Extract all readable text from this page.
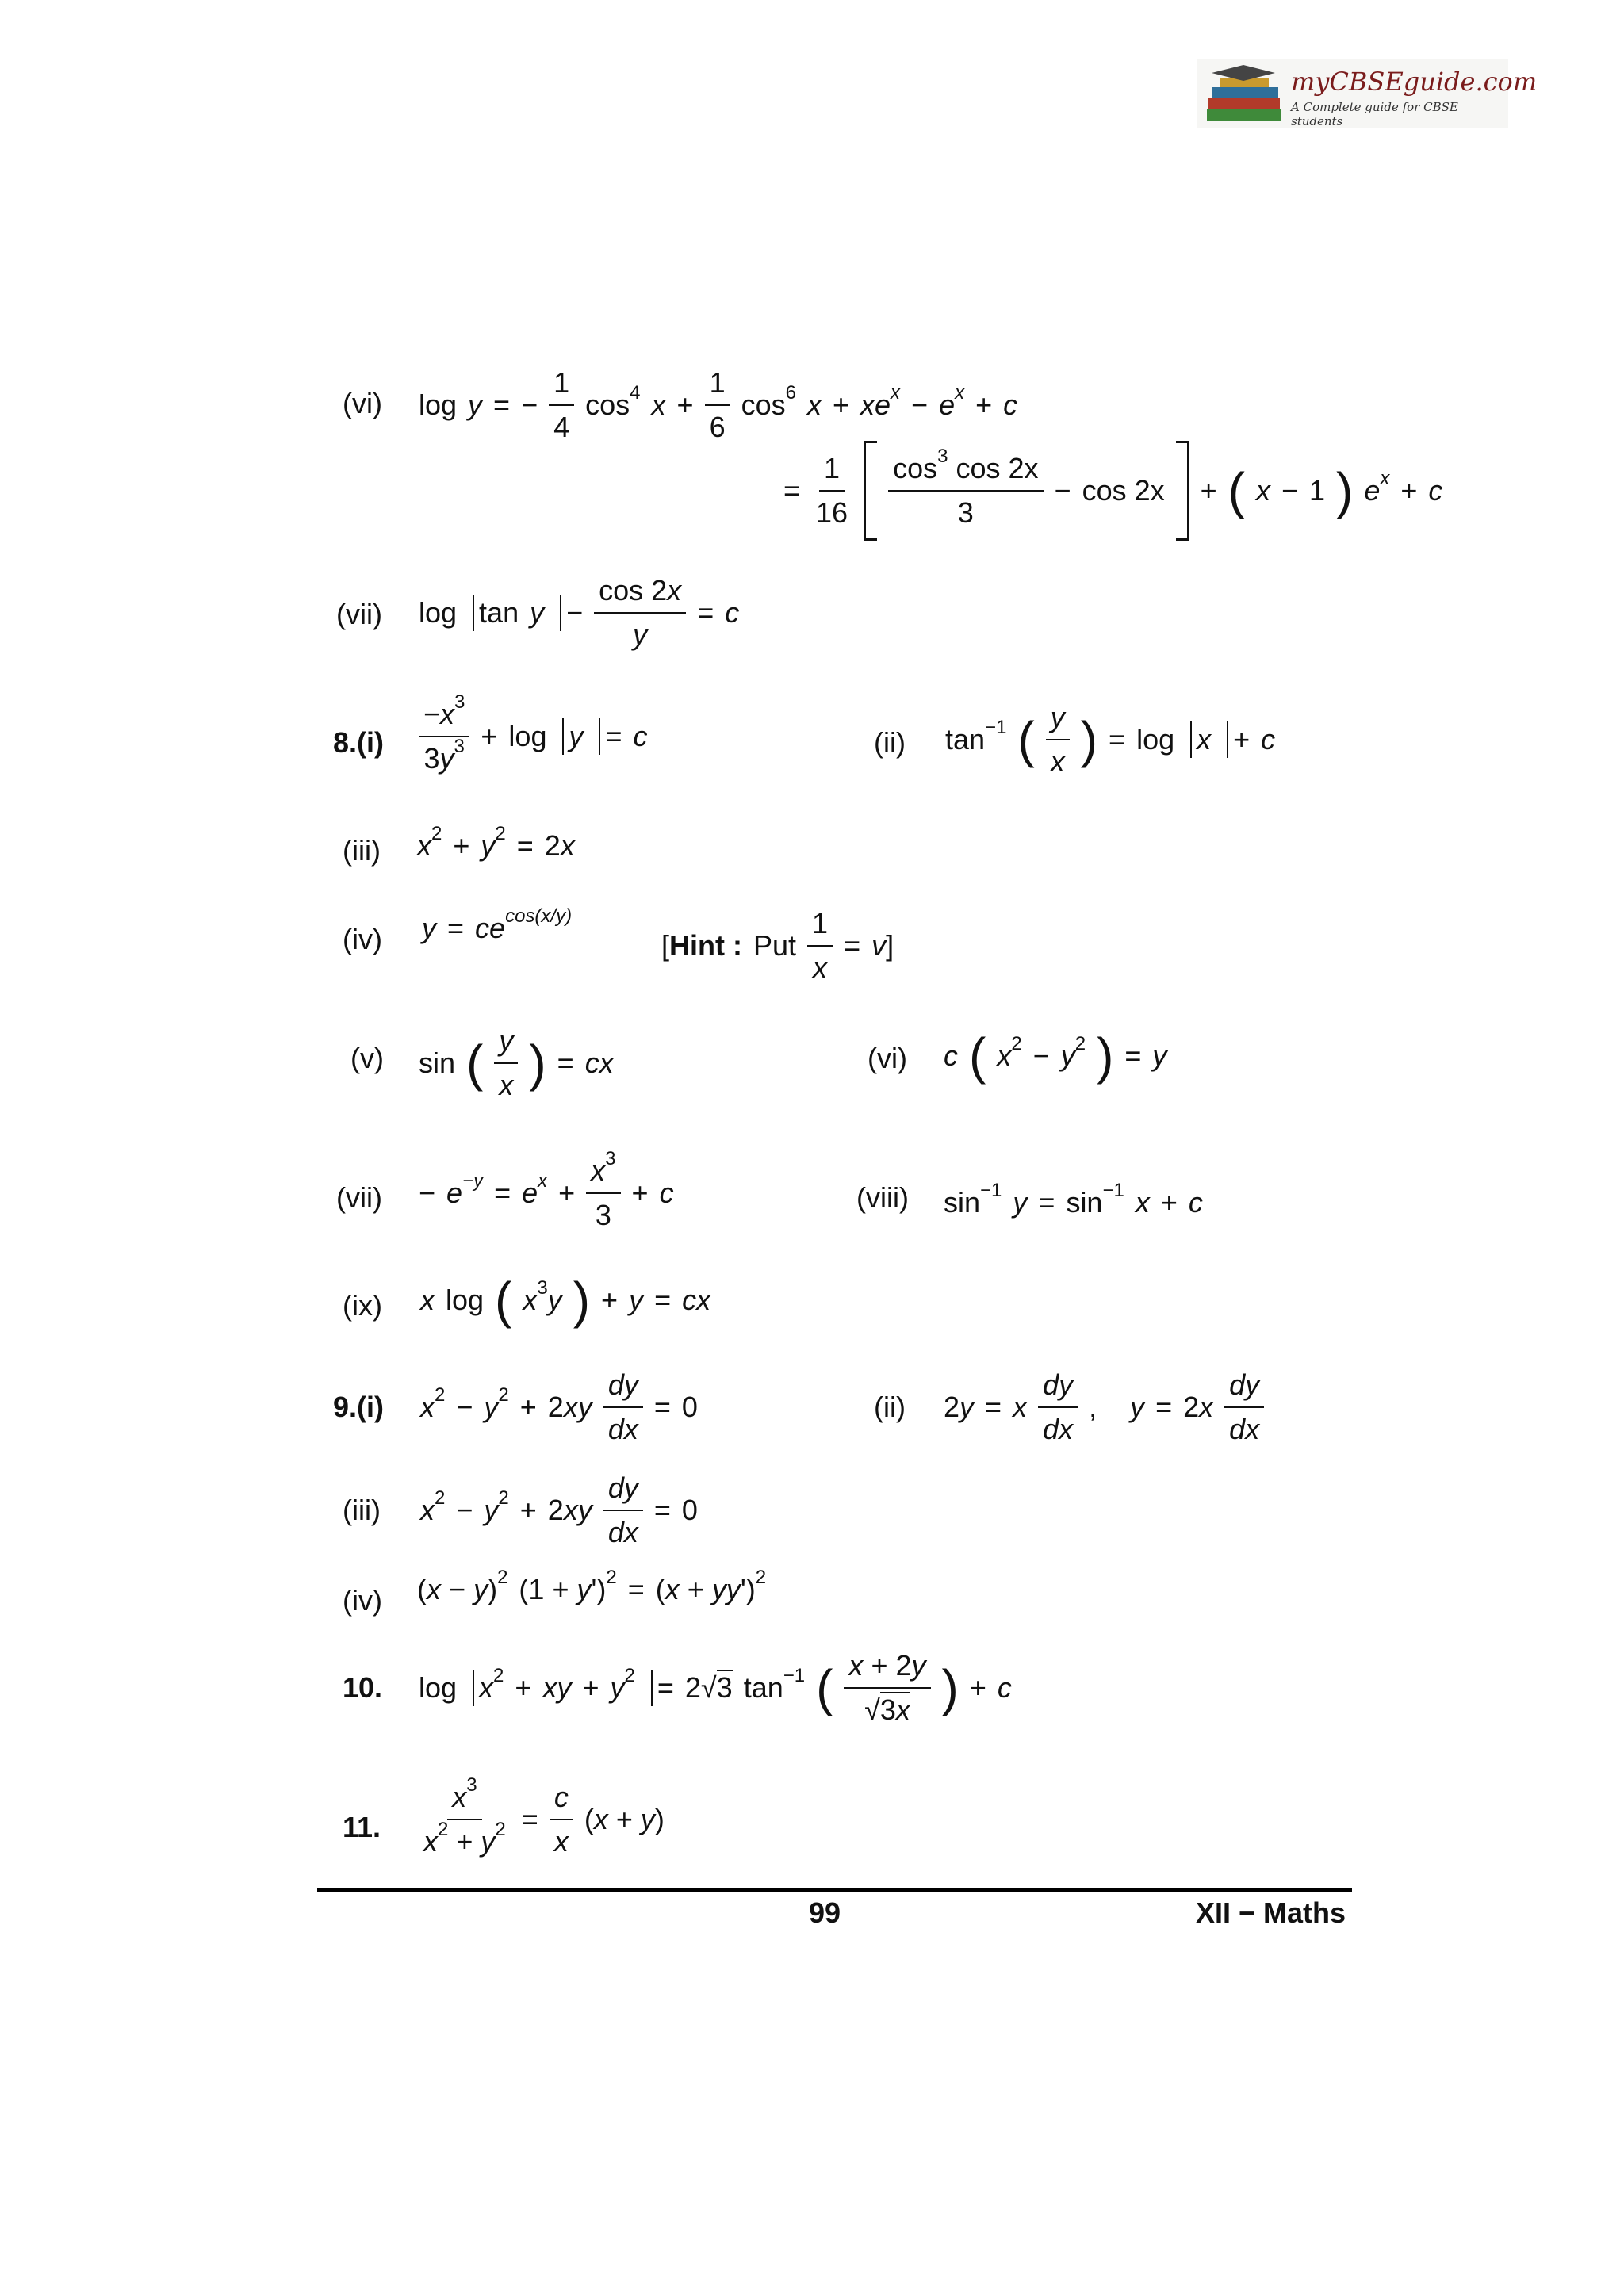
myCBSEguide.com
A Complete guide for CBSE students
(vi) log y = − $\frac{1}{4} \cos^4 x + \frac{1}{6} \cos^6 x + xe^x - e^x + c$
= $\frac{1}{16} \frac{\cos^3 \cos 2x}{3} - \cos 2x$ + ( x − 1 ) $e^x + c$
(vii) $\log \tan y - \frac{\cos 2x}{y} = c$
$8.(i) \frac{-x^3}{3y^3} + \log y = c$	(ii) $\tan^{-1}$ ( $\frac{y}{x}$ ) = log x + c
(iii) $x^2 + y^2 = 2x$
(iv) $y = ce^{cos(x/y)}$
[Hint : Put $\frac{1}{x} = v$]
(v) sin ( $\frac{y}{x}$ ) = cx	(vi) c ( $x^2 - y^2$ ) = y
$(vii) - e^{-y} = e^x + \frac{x^3}{3} + c$	(viii) $\sin^{-1} y = \sin^{-1} x + c$
(ix) x log ( $x^3y$ ) + y = cx
9.(i) $x^2 - y^2 + 2xy \frac{dy}{dx} = 0$	(ii) 2y = x $\frac{dy}{dx}$ , $y = 2x \frac{dy}{dx}$
(iii) $x^2 - y^2 + 2xy \frac{dy}{dx} = 0$
(iv) $(x - y)^2$ $(1 + y')^2 = (x + yy')^2$
10. $\log x^2$ + xy + $y^2 = 2√3$ $\tan^{-1}$ ( $\frac{x + 2y}{√3x}$ ) + c
11. $\frac{x^3}{x^2 + y^2} = \frac{c}{x} (x + y)$
99	XII − Maths
